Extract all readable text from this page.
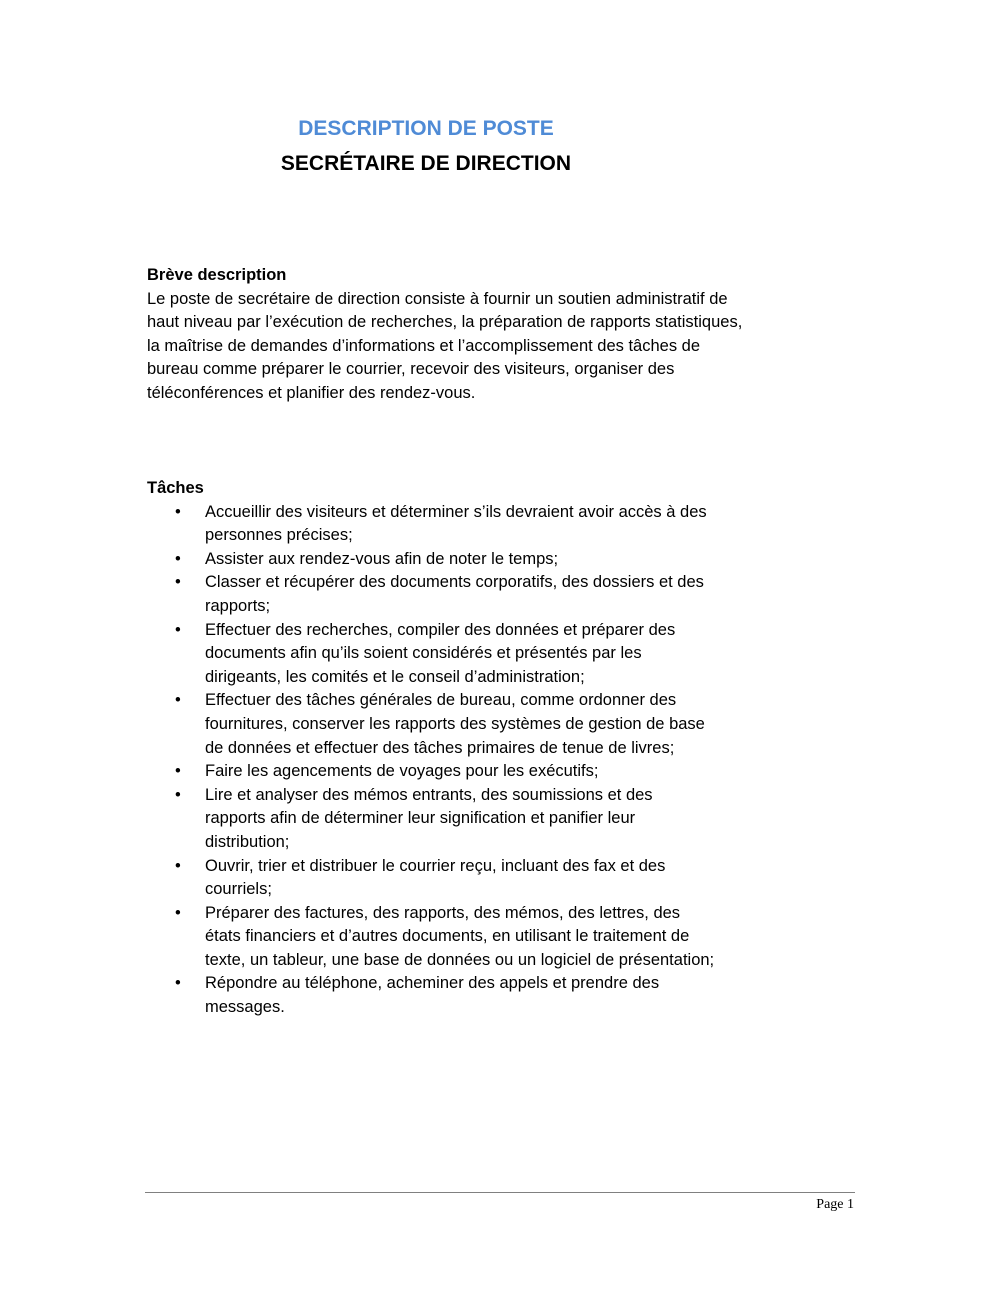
DESCRIPTION DE POSTE
SECRÉTAIRE DE DIRECTION
Brève description
Le poste de secrétaire de direction consiste à fournir un soutien administratif de haut niveau par l’exécution de recherches, la préparation de rapports statistiques, la maîtrise de demandes d’informations et l’accomplissement des tâches de bureau comme préparer le courrier, recevoir des visiteurs, organiser des téléconférences et planifier des rendez-vous.
Tâches
• Accueillir des visiteurs et déterminer s’ils devraient avoir accès à des personnes précises;
• Assister aux rendez-vous afin de noter le temps;
• Classer et récupérer des documents corporatifs, des dossiers et des rapports;
• Effectuer des recherches, compiler des données et préparer des documents afin qu’ils soient considérés et présentés par les dirigeants, les comités et le conseil d’administration;
• Effectuer des tâches générales de bureau, comme ordonner des fournitures, conserver les rapports des systèmes de gestion de base de données et effectuer des tâches primaires de tenue de livres;
• Faire les agencements de voyages pour les exécutifs;
• Lire et analyser des mémos entrants, des soumissions et des rapports afin de déterminer leur signification et panifier leur distribution;
• Ouvrir, trier et distribuer le courrier reçu, incluant des fax et des courriels;
• Préparer des factures, des rapports, des mémos, des lettres, des états financiers et d’autres documents, en utilisant le traitement de texte, un tableur, une base de données ou un logiciel de présentation;
• Répondre au téléphone, acheminer des appels et prendre des messages.
Page 1
